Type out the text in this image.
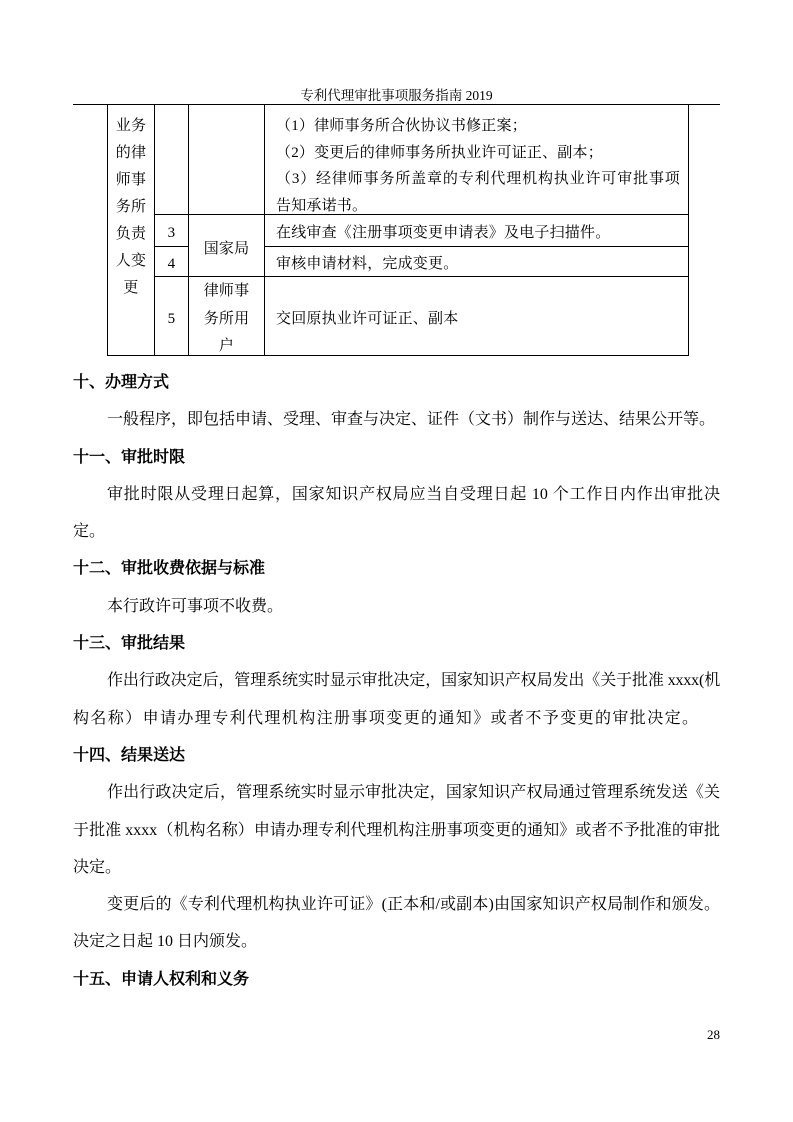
专利代理审批事项服务指南 2019
业务的律师事务所负责人变更
（1）律师事务所合伙协议书修正案；
（2）变更后的律师事务所执业许可证正、副本；
（3）经律师事务所盖章的专利代理机构执业许可审批事项
告知承诺书。
3
国家局
在线审查《注册事项变更申请表》及电子扫描件。
4	审核申请材料，完成变更。
5
律师事务所用户
交回原执业许可证正、副本
十、办理方式
一般程序，即包括申请、受理、审查与决定、证件（文书）制作与送达、结果公开等。
十一、审批时限
审批时限从受理日起算，国家知识产权局应当自受理日起 10 个工作日内作出审批决
定。
十二、审批收费依据与标准
本行政许可事项不收费。
十三、审批结果
作出行政决定后，管理系统实时显示审批决定，国家知识产权局发出《关于批准 xxxx(机
构名称）申请办理专利代理机构注册事项变更的通知》或者不予变更的审批决定。
十四、结果送达
作出行政决定后，管理系统实时显示审批决定，国家知识产权局通过管理系统发送《关
于批准 xxxx（机构名称）申请办理专利代理机构注册事项变更的通知》或者不予批准的审批
决定。
变更后的《专利代理机构执业许可证》(正本和/或副本)由国家知识产权局制作和颁发。
决定之日起 10 日内颁发。
十五、申请人权利和义务
28
